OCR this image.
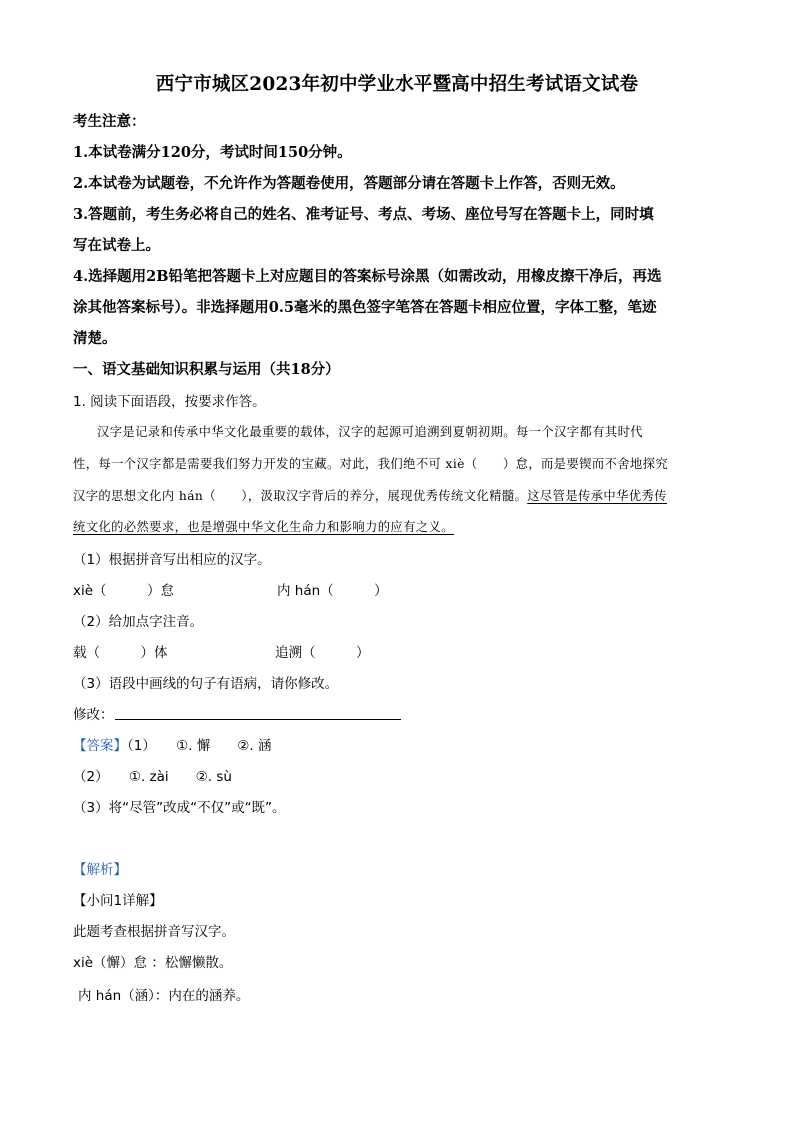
西宁市城区2023年初中学业水平暨高中招生考试语文试卷
考生注意：
1.本试卷满分120分，考试时间150分钟。
2.本试卷为试题卷，不允许作为答题卷使用，答题部分请在答题卡上作答，否则无效。
3.答题前，考生务必将自己的姓名、准考证号、考点、考场、座位号写在答题卡上，同时填
写在试卷上。
4.选择题用2B铅笔把答题卡上对应题目的答案标号涂黑（如需改动，用橡皮擦干净后，再选
涂其他答案标号）。非选择题用0.5毫米的黑色签字笔答在答题卡相应位置，字体工整，笔迹
清楚。
一、语文基础知识积累与运用（共18分）
1. 阅读下面语段，按要求作答。
汉字是记录和传承中华文化最重要的载体，汉字的起源可追溯到夏朝初期。每一个汉字都有其时代
性，每一个汉字都是需要我们努力开发的宝藏。对此，我们绝不可 xiè（　　）怠，而是要锲而不舍地探究
汉字的思想文化内 hán（　　），汲取汉字背后的养分，展现优秀传统文化精髓。这尽管是传承中华优秀传
统文化的必然要求，也是增强中华文化生命力和影响力的应有之义。
（1）根据拼音写出相应的汉字。
xiè（　　　）怠	内 hán（　　　）
（2）给加点字注音。
载（　　　）体	追溯（　　　）
（3）语段中画线的句子有语病，请你修改。
修改：
【答案】（1）　　①. 懈　　②. 涵
（2）　　①. zài　　②. sù
（3）将“尽管”改成“不仅”或“既”。
【解析】
【小问1详解】
此题考查根据拼音写汉字。
xiè（懈）怠 ：松懈懒散。
内 hán（涵）：内在的涵养。
